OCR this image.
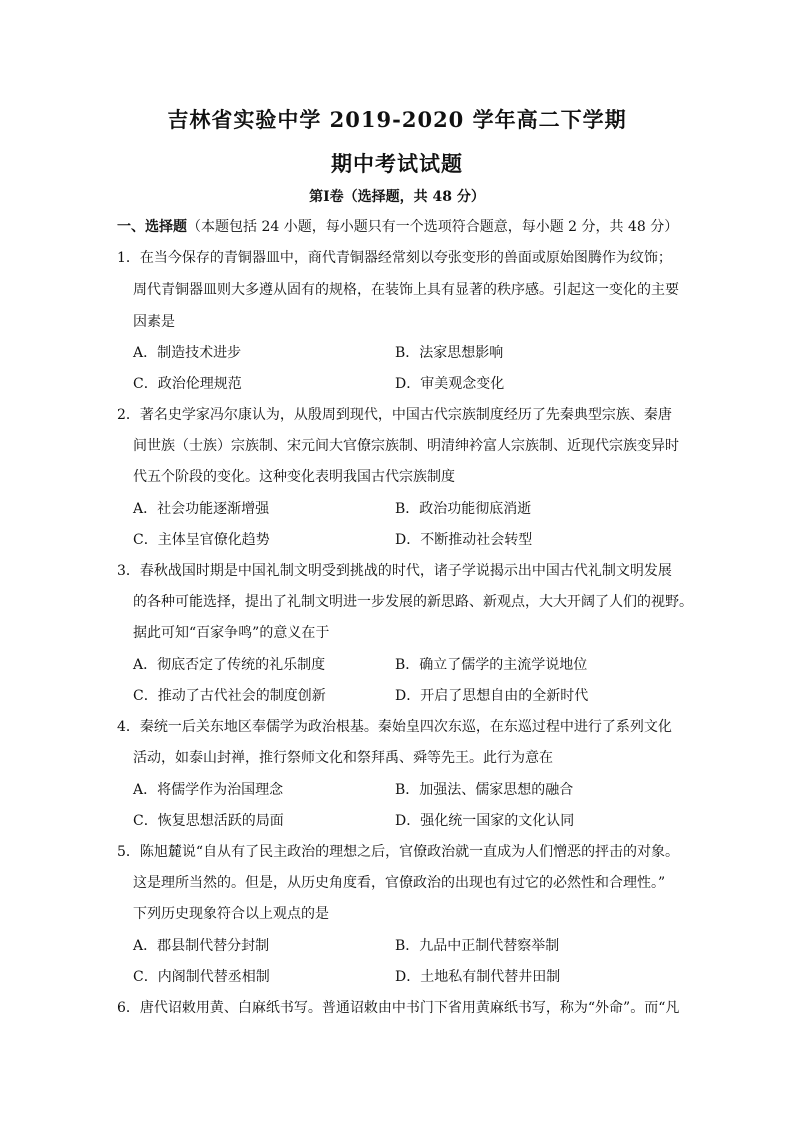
吉林省实验中学 2019-2020 学年高二下学期
期中考试试题
第Ⅰ卷（选择题，共 48 分）
一、选择题（本题包括 24 小题，每小题只有一个选项符合题意，每小题 2 分，共 48 分）
1．在当今保存的青铜器皿中，商代青铜器经常刻以夸张变形的兽面或原始图腾作为纹饰；
周代青铜器皿则大多遵从固有的规格，在装饰上具有显著的秩序感。引起这一变化的主要
因素是
A．制造技术进步	B．法家思想影响
C．政治伦理规范	D．审美观念变化
2．著名史学家冯尔康认为，从殷周到现代，中国古代宗族制度经历了先秦典型宗族、秦唐
间世族（士族）宗族制、宋元间大官僚宗族制、明清绅衿富人宗族制、近现代宗族变异时
代五个阶段的变化。这种变化表明我国古代宗族制度
A．社会功能逐渐增强	B．政治功能彻底消逝
C．主体呈官僚化趋势	D．不断推动社会转型
3．春秋战国时期是中国礼制文明受到挑战的时代，诸子学说揭示出中国古代礼制文明发展
的各种可能选择，提出了礼制文明进一步发展的新思路、新观点，大大开阔了人们的视野。
据此可知“百家争鸣”的意义在于
A．彻底否定了传统的礼乐制度	B．确立了儒学的主流学说地位
C．推动了古代社会的制度创新	D．开启了思想自由的全新时代
4．秦统一后关东地区奉儒学为政治根基。秦始皇四次东巡，在东巡过程中进行了系列文化
活动，如泰山封禅，推行祭师文化和祭拜禹、舜等先王。此行为意在
A．将儒学作为治国理念	B．加强法、儒家思想的融合
C．恢复思想活跃的局面	D．强化统一国家的文化认同
5．陈旭麓说“自从有了民主政治的理想之后，官僚政治就一直成为人们憎恶的抨击的对象。
这是理所当然的。但是，从历史角度看，官僚政治的出现也有过它的必然性和合理性。”
下列历史现象符合以上观点的是
A．郡县制代替分封制	B．九品中正制代替察举制
C．内阁制代替丞相制	D．土地私有制代替井田制
6．唐代诏敕用黄、白麻纸书写。普通诏敕由中书门下省用黄麻纸书写，称为“外命”。而“凡
